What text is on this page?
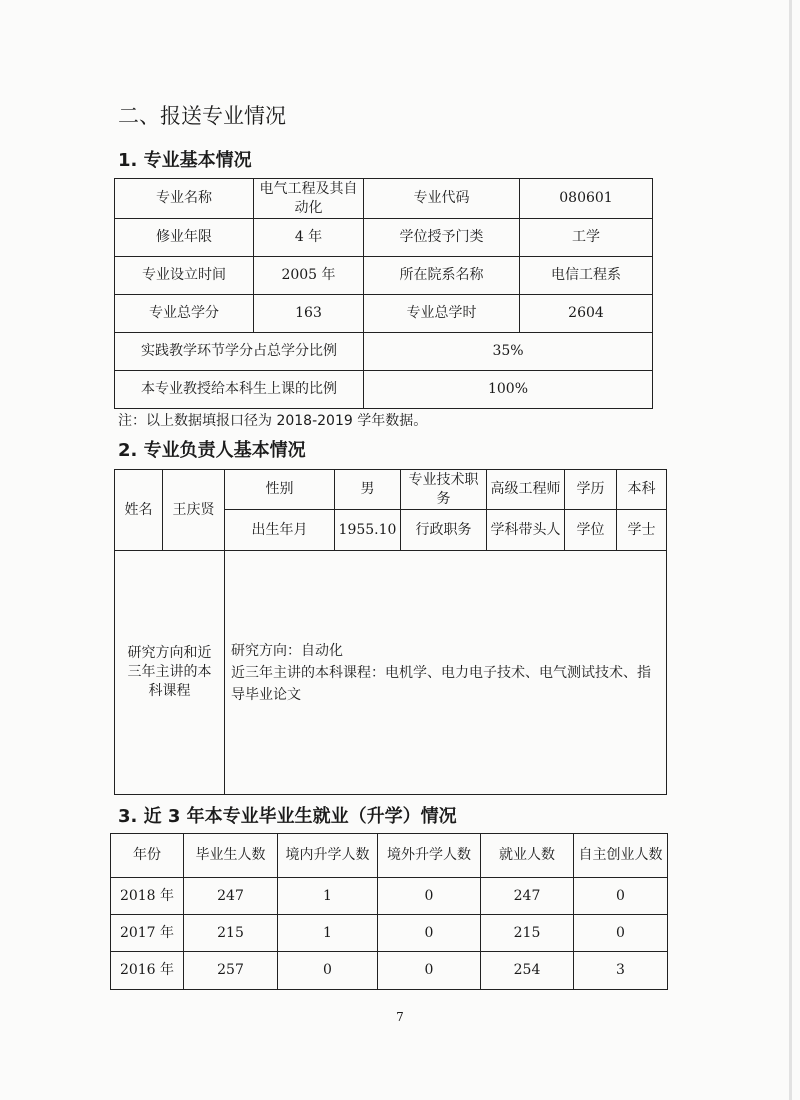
二、报送专业情况
1. 专业基本情况
专业名称	电气工程及其自动化	专业代码	080601
修业年限	4 年	学位授予门类	工学
专业设立时间	2005 年	所在院系名称	电信工程系
专业总学分	163	专业总学时	2604
实践教学环节学分占总学分比例		35%	
本专业教授给本科生上课的比例		100%	
注：以上数据填报口径为 2018-2019 学年数据。
2. 专业负责人基本情况
姓名	王庆贤	性别	男	专业技术职务	高级工程师	学历	本科
		出生年月	1955.10	行政职务	学科带头人	学位	学士
研究方向和近三年主讲的本科课程		研究方向：自动化
近三年主讲的本科课程：电机学、电力电子技术、电气测试技术、指导毕业论文					
3. 近 3 年本专业毕业生就业（升学）情况
年份	毕业生人数	境内升学人数	境外升学人数	就业人数	自主创业人数
2018 年	247	1	0	247	0
2017 年	215	1	0	215	0
2016 年	257	0	0	254	3
7
